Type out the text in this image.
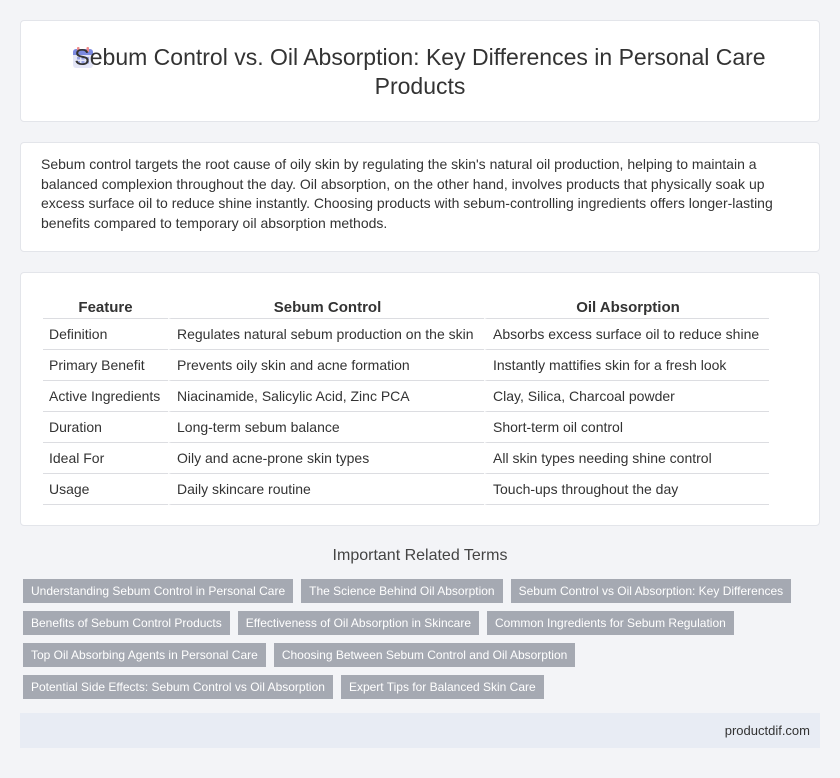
Sebum Control vs. Oil Absorption: Key Differences in Personal Care Products

Sebum control targets the root cause of oily skin by regulating the skin's natural oil production, helping to maintain a balanced complexion throughout the day. Oil absorption, on the other hand, involves products that physically soak up excess surface oil to reduce shine instantly. Choosing products with sebum-controlling ingredients offers longer-lasting benefits compared to temporary oil absorption methods.

Feature	Sebum Control	Oil Absorption
Definition	Regulates natural sebum production on the skin	Absorbs excess surface oil to reduce shine
Primary Benefit	Prevents oily skin and acne formation	Instantly mattifies skin for a fresh look
Active Ingredients	Niacinamide, Salicylic Acid, Zinc PCA	Clay, Silica, Charcoal powder
Duration	Long-term sebum balance	Short-term oil control
Ideal For	Oily and acne-prone skin types	All skin types needing shine control
Usage	Daily skincare routine	Touch-ups throughout the day
Important Related Terms
Understanding Sebum Control in Personal Care	The Science Behind Oil Absorption	Sebum Control vs Oil Absorption: Key Differences
Benefits of Sebum Control Products	Effectiveness of Oil Absorption in Skincare	Common Ingredients for Sebum Regulation
Top Oil Absorbing Agents in Personal Care	Choosing Between Sebum Control and Oil Absorption
Potential Side Effects: Sebum Control vs Oil Absorption	Expert Tips for Balanced Skin Care
productdif.com
